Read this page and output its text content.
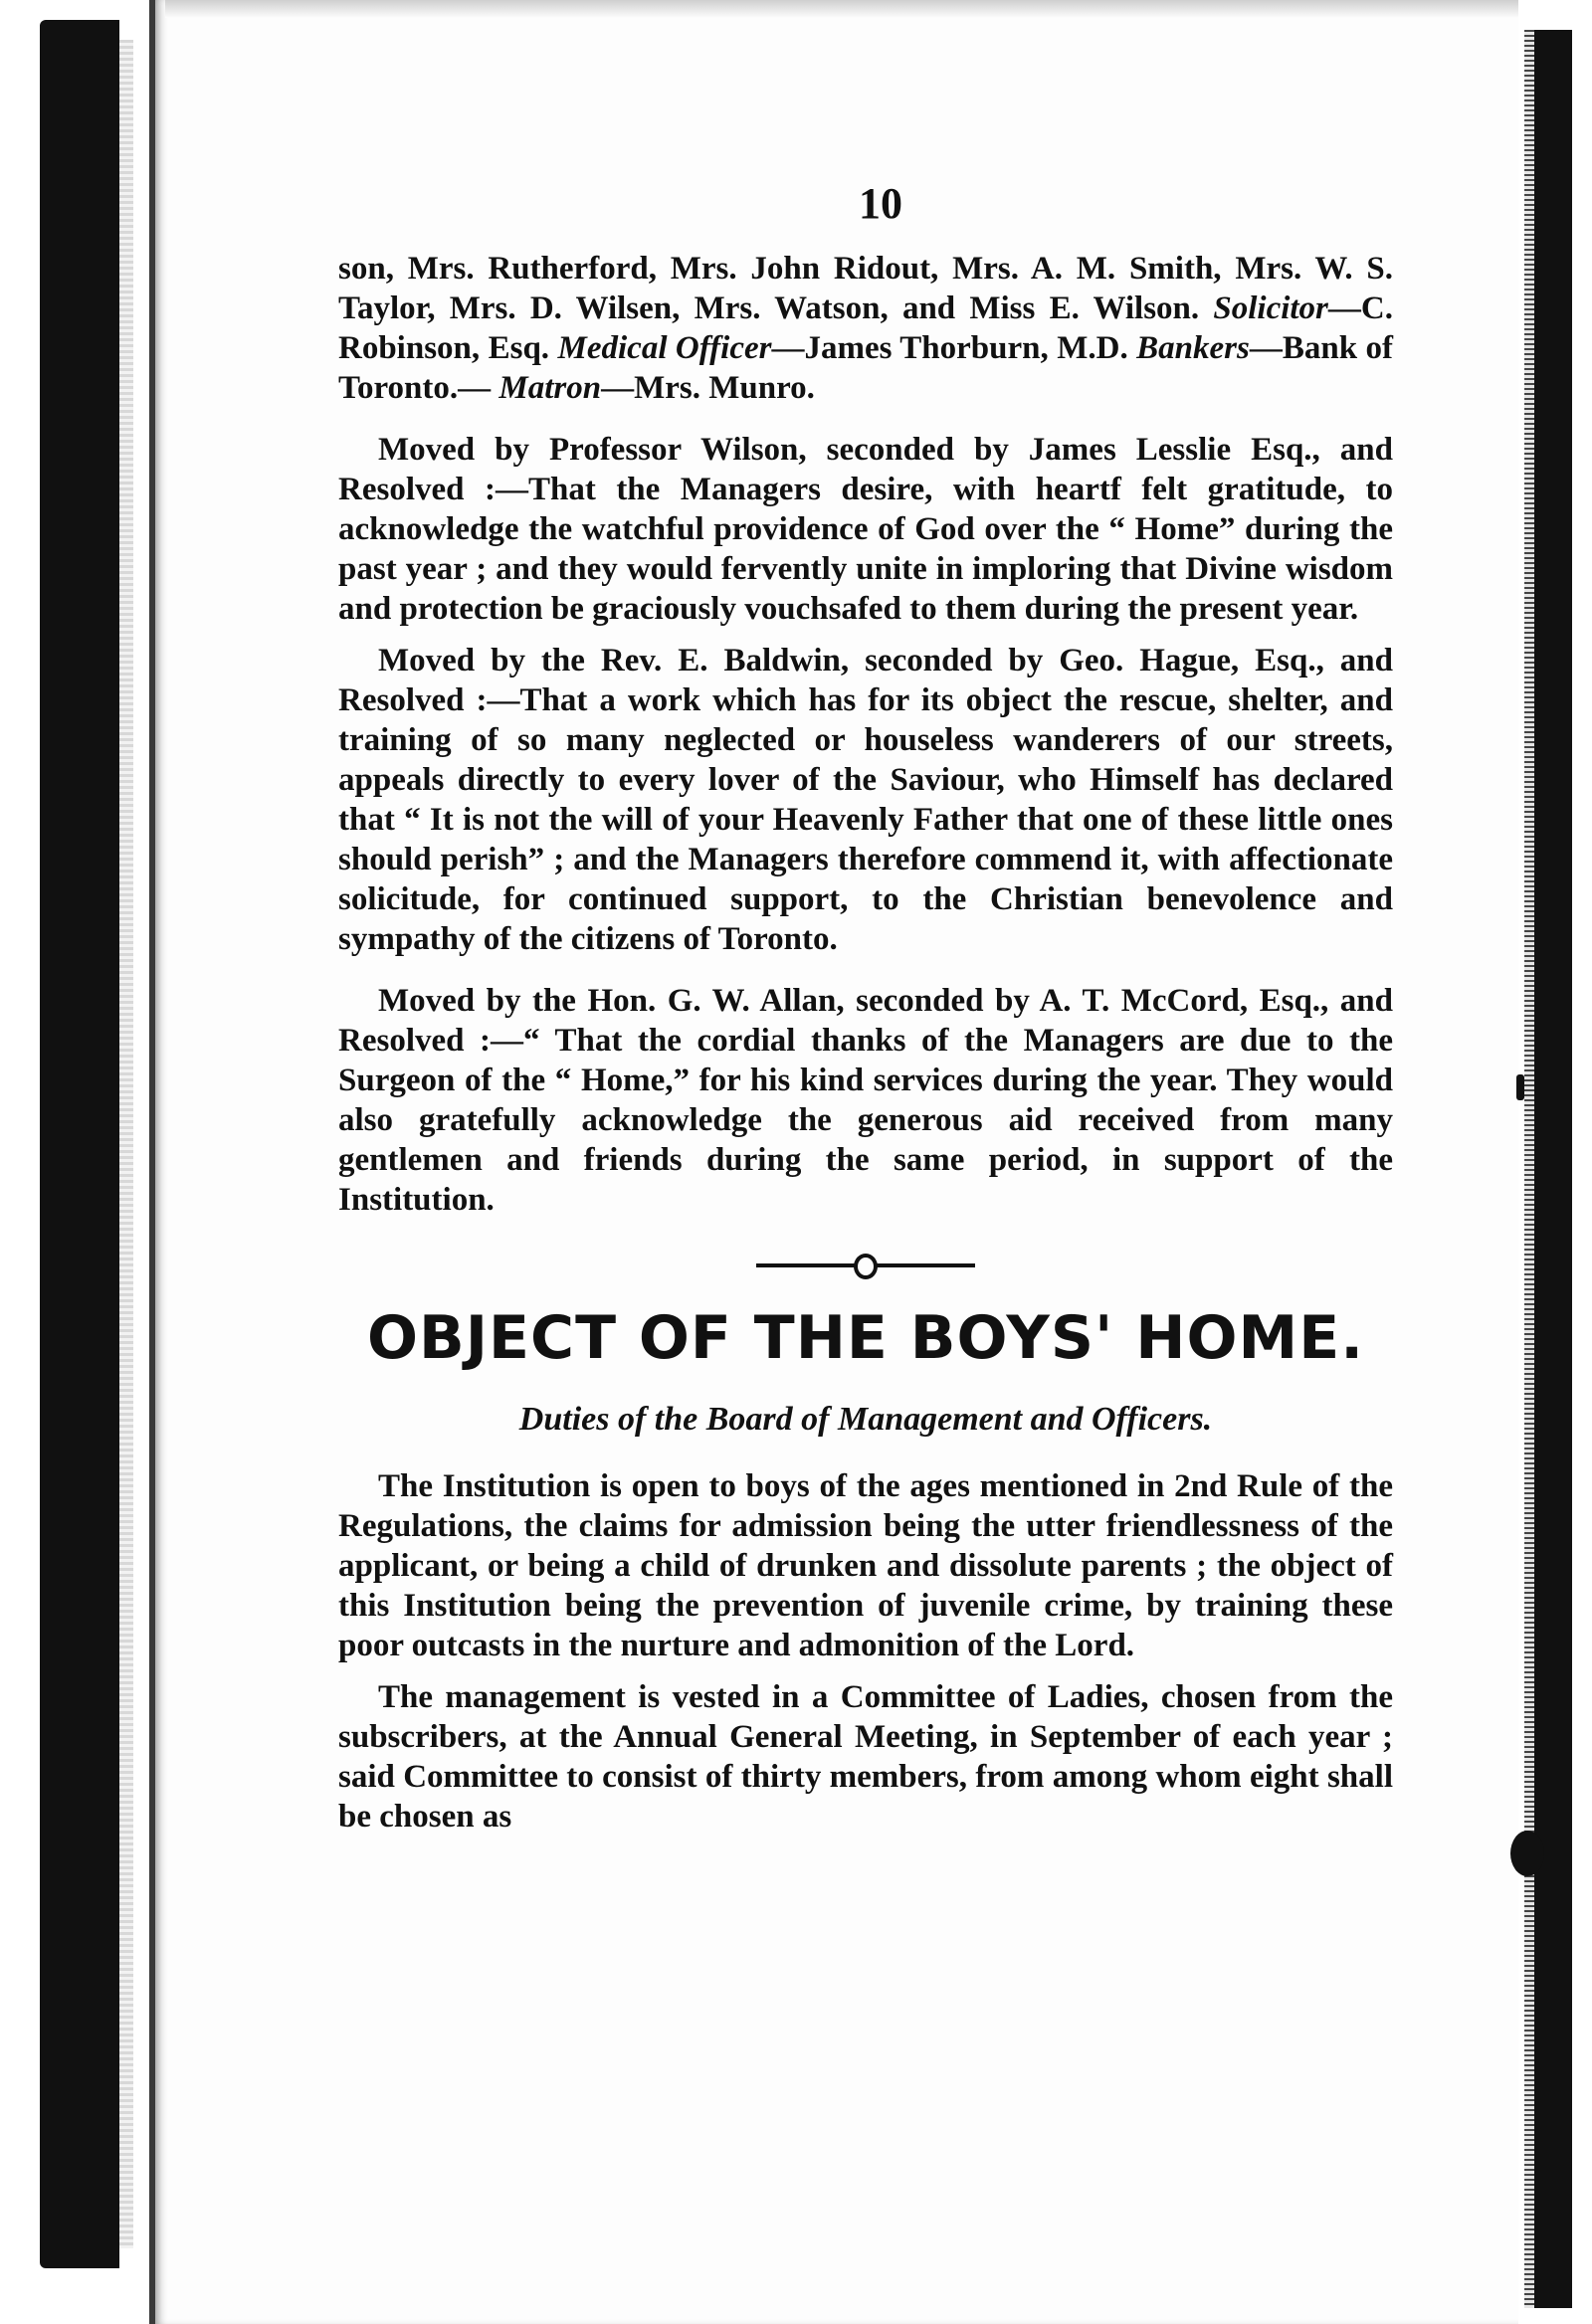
10

son, Mrs. Rutherford, Mrs. John Ridout, Mrs. A. M. Smith, Mrs. W. S. Taylor, Mrs. D. Wilsen, Mrs. Watson, and Miss E. Wilson. Solicitor—C. Robinson, Esq. Medical Officer—James Thorburn, M.D. Bankers—Bank of Toronto.— Matron—Mrs. Munro.

Moved by Professor Wilson, seconded by James Lesslie Esq., and Resolved :—That the Managers desire, with heartf felt gratitude, to acknowledge the watchful providence of God over the “ Home” during the past year ; and they would fervently unite in imploring that Divine wisdom and protection be graciously vouchsafed to them during the present year.

Moved by the Rev. E. Baldwin, seconded by Geo. Hague, Esq., and Resolved :—That a work which has for its object the rescue, shelter, and training of so many neglected or houseless wanderers of our streets, appeals directly to every lover of the Saviour, who Himself has declared that “ It is not the will of your Heavenly Father that one of these little ones should perish” ; and the Managers therefore commend it, with affectionate solicitude, for continued support, to the Christian benevolence and sympathy of the citizens of Toronto.

Moved by the Hon. G. W. Allan, seconded by A. T. McCord, Esq., and Resolved :—“ That the cordial thanks of the Managers are due to the Surgeon of the “ Home,” for his kind services during the year. They would also gratefully acknowledge the generous aid received from many gentlemen and friends during the same period, in support of the Institution.

OBJECT OF THE BOYS' HOME.
Duties of the Board of Management and Officers.

The Institution is open to boys of the ages mentioned in 2nd Rule of the Regulations, the claims for admission being the utter friendlessness of the applicant, or being a child of drunken and dissolute parents ; the object of this Institution being the prevention of juvenile crime, by training these poor outcasts in the nurture and admonition of the Lord.

The management is vested in a Committee of Ladies, chosen from the subscribers, at the Annual General Meeting, in September of each year ; said Committee to consist of thirty members, from among whom eight shall be chosen as
